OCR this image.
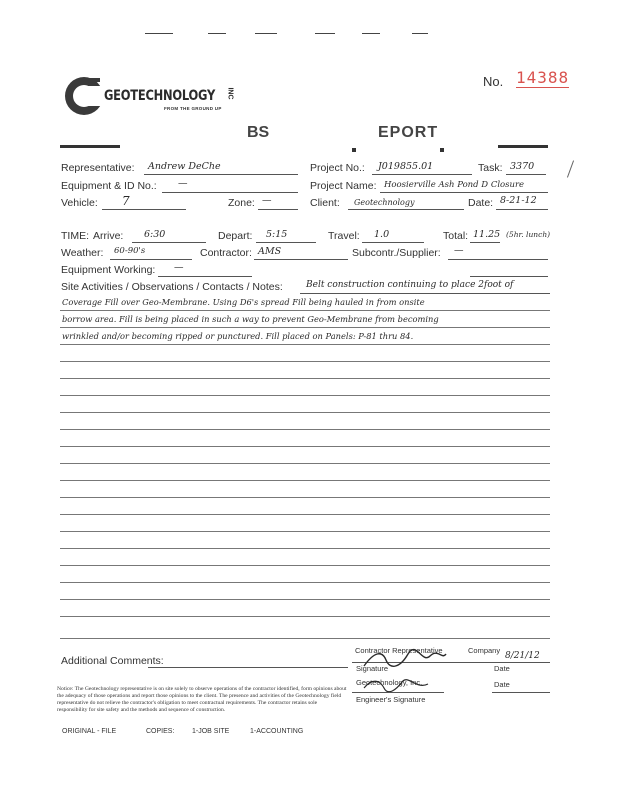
GEOTECHNOLOGY INC
FROM THE GROUND UP
No. 14388
BS	EPORT
Representative: Andrew DeChe	Project No.: J019855.01	Task: 3370
Equipment & ID No.: —	Project Name: Hoosierville Ash Pond D Closure
Vehicle: 7	Zone: —	Client: Geotechnology	Date: 8-21-12
TIME: Arrive: 6:30	Depart: 5:15	Travel: 1.0	Total: 11.25 (5hr. lunch)
Weather: 60-90's	Contractor: AMS	Subcontr./Supplier: —
Equipment Working: —
Site Activities / Observations / Contacts / Notes:	Belt construction continuing to place 2foot of
Coverage Fill over Geo-Membrane. Using D6's spread Fill being hauled in from onsite
borrow area. Fill is being placed in such a way to prevent Geo-Membrane from becoming
wrinkled and/or becoming ripped or punctured. Fill placed on Panels: P-81 thru 84.
Additional Comments:
Contractor Representative	Company
8/21/12
Signature	Date
Geotechnology, Inc.	Date
Engineer's Signature
Notice: The Geotechnology representative is on site solely to observe operations of the contractor identified, form opinions about the adequacy of those operations and report those opinions to the client. The presence and activities of the Geotechnology field representative do not relieve the contractor's obligation to meet contractual requirements. The contractor retains sole responsibility for site safety and the methods and sequence of construction.
ORIGINAL - FILE	COPIES:	1-JOB SITE	1-ACCOUNTING
